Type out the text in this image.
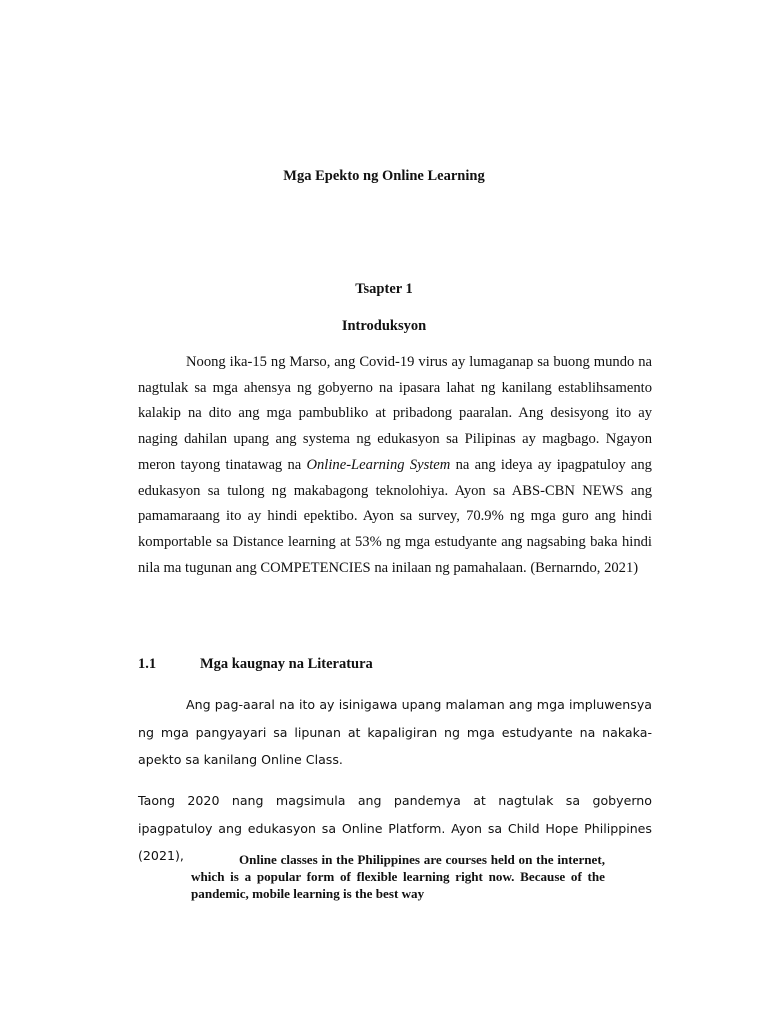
Mga Epekto ng Online Learning
Tsapter 1
Introduksyon

Noong ika-15 ng Marso, ang Covid-19 virus ay lumaganap sa buong mundo na nagtulak sa mga ahensya ng gobyerno na ipasara lahat ng kanilang establihsamento kalakip na dito ang mga pambubliko at pribadong paaralan. Ang desisyong ito ay naging dahilan upang ang systema ng edukasyon sa Pilipinas ay magbago. Ngayon meron tayong tinatawag na Online-Learning System na ang ideya ay ipagpatuloy ang edukasyon sa tulong ng makabagong teknolohiya. Ayon sa ABS-CBN NEWS ang pamamaraang ito ay hindi epektibo. Ayon sa survey, 70.9% ng mga guro ang hindi komportable sa Distance learning at 53% ng mga estudyante ang nagsabing baka hindi nila ma tugunan ang COMPETENCIES na inilaan ng pamahalaan. (Bernarndo, 2021)

1.1	Mga kaugnay na Literatura

Ang pag-aaral na ito ay isinigawa upang malaman ang mga impluwensya ng mga pangyayari sa lipunan at kapaligiran ng mga estudyante na nakaka-apekto sa kanilang Online Class.

Taong 2020 nang magsimula ang pandemya at nagtulak sa gobyerno ipagpatuloy ang edukasyon sa Online Platform. Ayon sa Child Hope Philippines (2021),	Online classes in the Philippines are courses held on the internet, which is a popular form of flexible learning right now. Because of the pandemic, mobile learning is the best way
